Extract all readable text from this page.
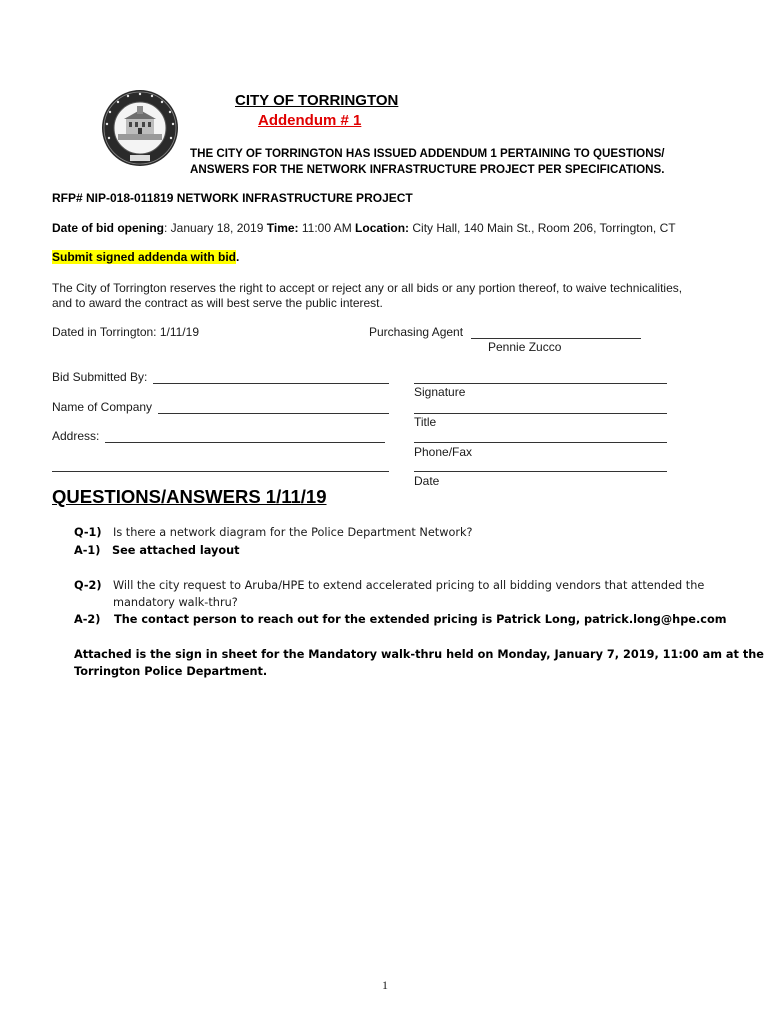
CITY OF TORRINGTON
Addendum # 1
THE CITY OF TORRINGTON HAS ISSUED ADDENDUM 1 PERTAINING TO QUESTIONS/
ANSWERS FOR THE NETWORK INFRASTRUCTURE PROJECT PER SPECIFICATIONS.
RFP# NIP-018-011819 NETWORK INFRASTRUCTURE PROJECT
Date of bid opening: January 18, 2019 Time: 11:00 AM Location: City Hall, 140 Main St., Room 206, Torrington, CT
Submit signed addenda with bid.
The City of Torrington reserves the right to accept or reject any or all bids or any portion thereof, to waive technicalities,
and to award the contract as will best serve the public interest.
Dated in Torrington: 1/11/19	Purchasing Agent
Pennie Zucco
Bid Submitted By:
Signature
Name of Company
Title
Address:
Phone/Fax
Date
QUESTIONS/ANSWERS 1/11/19
Q-1) Is there a network diagram for the Police Department Network?
A-1) See attached layout
Q-2) Will the city request to Aruba/HPE to extend accelerated pricing to all bidding vendors that attended the
mandatory walk-thru?
A-2) The contact person to reach out for the extended pricing is Patrick Long, patrick.long@hpe.com
Attached is the sign in sheet for the Mandatory walk-thru held on Monday, January 7, 2019, 11:00 am at the
Torrington Police Department.
1
